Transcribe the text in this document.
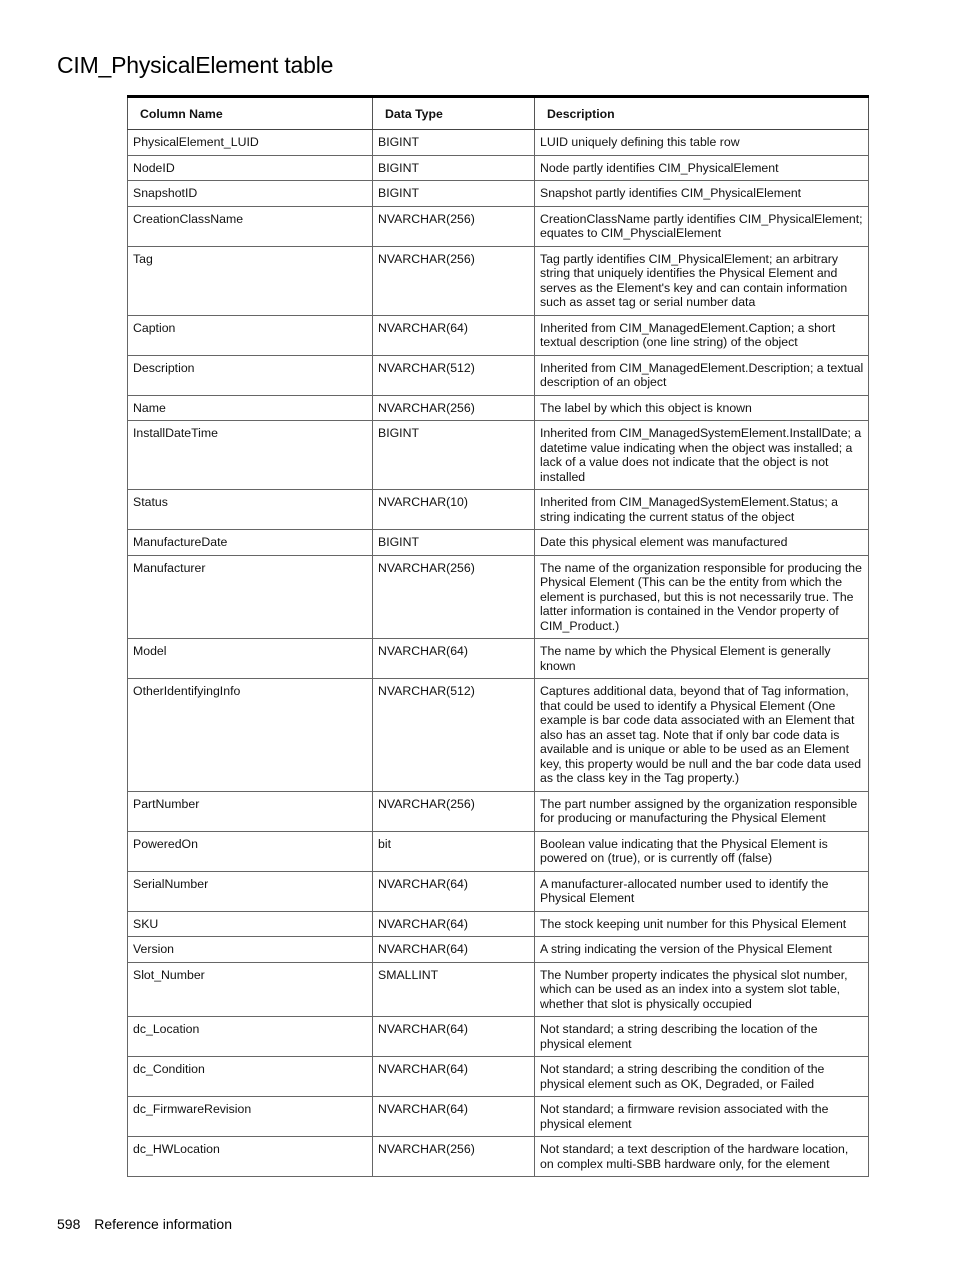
CIM_PhysicalElement table
Column Name	Data Type	Description
PhysicalElement_LUID	BIGINT	LUID uniquely defining this table row
NodeID	BIGINT	Node partly identifies CIM_PhysicalElement
SnapshotID	BIGINT	Snapshot partly identifies CIM_PhysicalElement
CreationClassName	NVARCHAR(256)	CreationClassName partly identifies CIM_PhysicalElement; equates to CIM_PhyscialElement
Tag	NVARCHAR(256)	Tag partly identifies CIM_PhysicalElement; an arbitrary string that uniquely identifies the Physical Element and serves as the Element's key and can contain information such as asset tag or serial number data
Caption	NVARCHAR(64)	Inherited from CIM_ManagedElement.Caption; a short textual description (one line string) of the object
Description	NVARCHAR(512)	Inherited from CIM_ManagedElement.Description; a textual description of an object
Name	NVARCHAR(256)	The label by which this object is known
InstallDateTime	BIGINT	Inherited from CIM_ManagedSystemElement.InstallDate; a datetime value indicating when the object was installed; a lack of a value does not indicate that the object is not installed
Status	NVARCHAR(10)	Inherited from CIM_ManagedSystemElement.Status; a string indicating the current status of the object
ManufactureDate	BIGINT	Date this physical element was manufactured
Manufacturer	NVARCHAR(256)	The name of the organization responsible for producing the Physical Element (This can be the entity from which the element is purchased, but this is not necessarily true. The latter information is contained in the Vendor property of CIM_Product.)
Model	NVARCHAR(64)	The name by which the Physical Element is generally known
OtherIdentifyingInfo	NVARCHAR(512)	Captures additional data, beyond that of Tag information, that could be used to identify a Physical Element (One example is bar code data associated with an Element that also has an asset tag. Note that if only bar code data is available and is unique or able to be used as an Element key, this property would be null and the bar code data used as the class key in the Tag property.)
PartNumber	NVARCHAR(256)	The part number assigned by the organization responsible for producing or manufacturing the Physical Element
PoweredOn	bit	Boolean value indicating that the Physical Element is powered on (true), or is currently off (false)
SerialNumber	NVARCHAR(64)	A manufacturer-allocated number used to identify the Physical Element
SKU	NVARCHAR(64)	The stock keeping unit number for this Physical Element
Version	NVARCHAR(64)	A string indicating the version of the Physical Element
Slot_Number	SMALLINT	The Number property indicates the physical slot number, which can be used as an index into a system slot table, whether that slot is physically occupied
dc_Location	NVARCHAR(64)	Not standard; a string describing the location of the physical element
dc_Condition	NVARCHAR(64)	Not standard; a string describing the condition of the physical element such as OK, Degraded, or Failed
dc_FirmwareRevision	NVARCHAR(64)	Not standard; a firmware revision associated with the physical element
dc_HWLocation	NVARCHAR(256)	Not standard; a text description of the hardware location, on complex multi-SBB hardware only, for the element
598 Reference information
